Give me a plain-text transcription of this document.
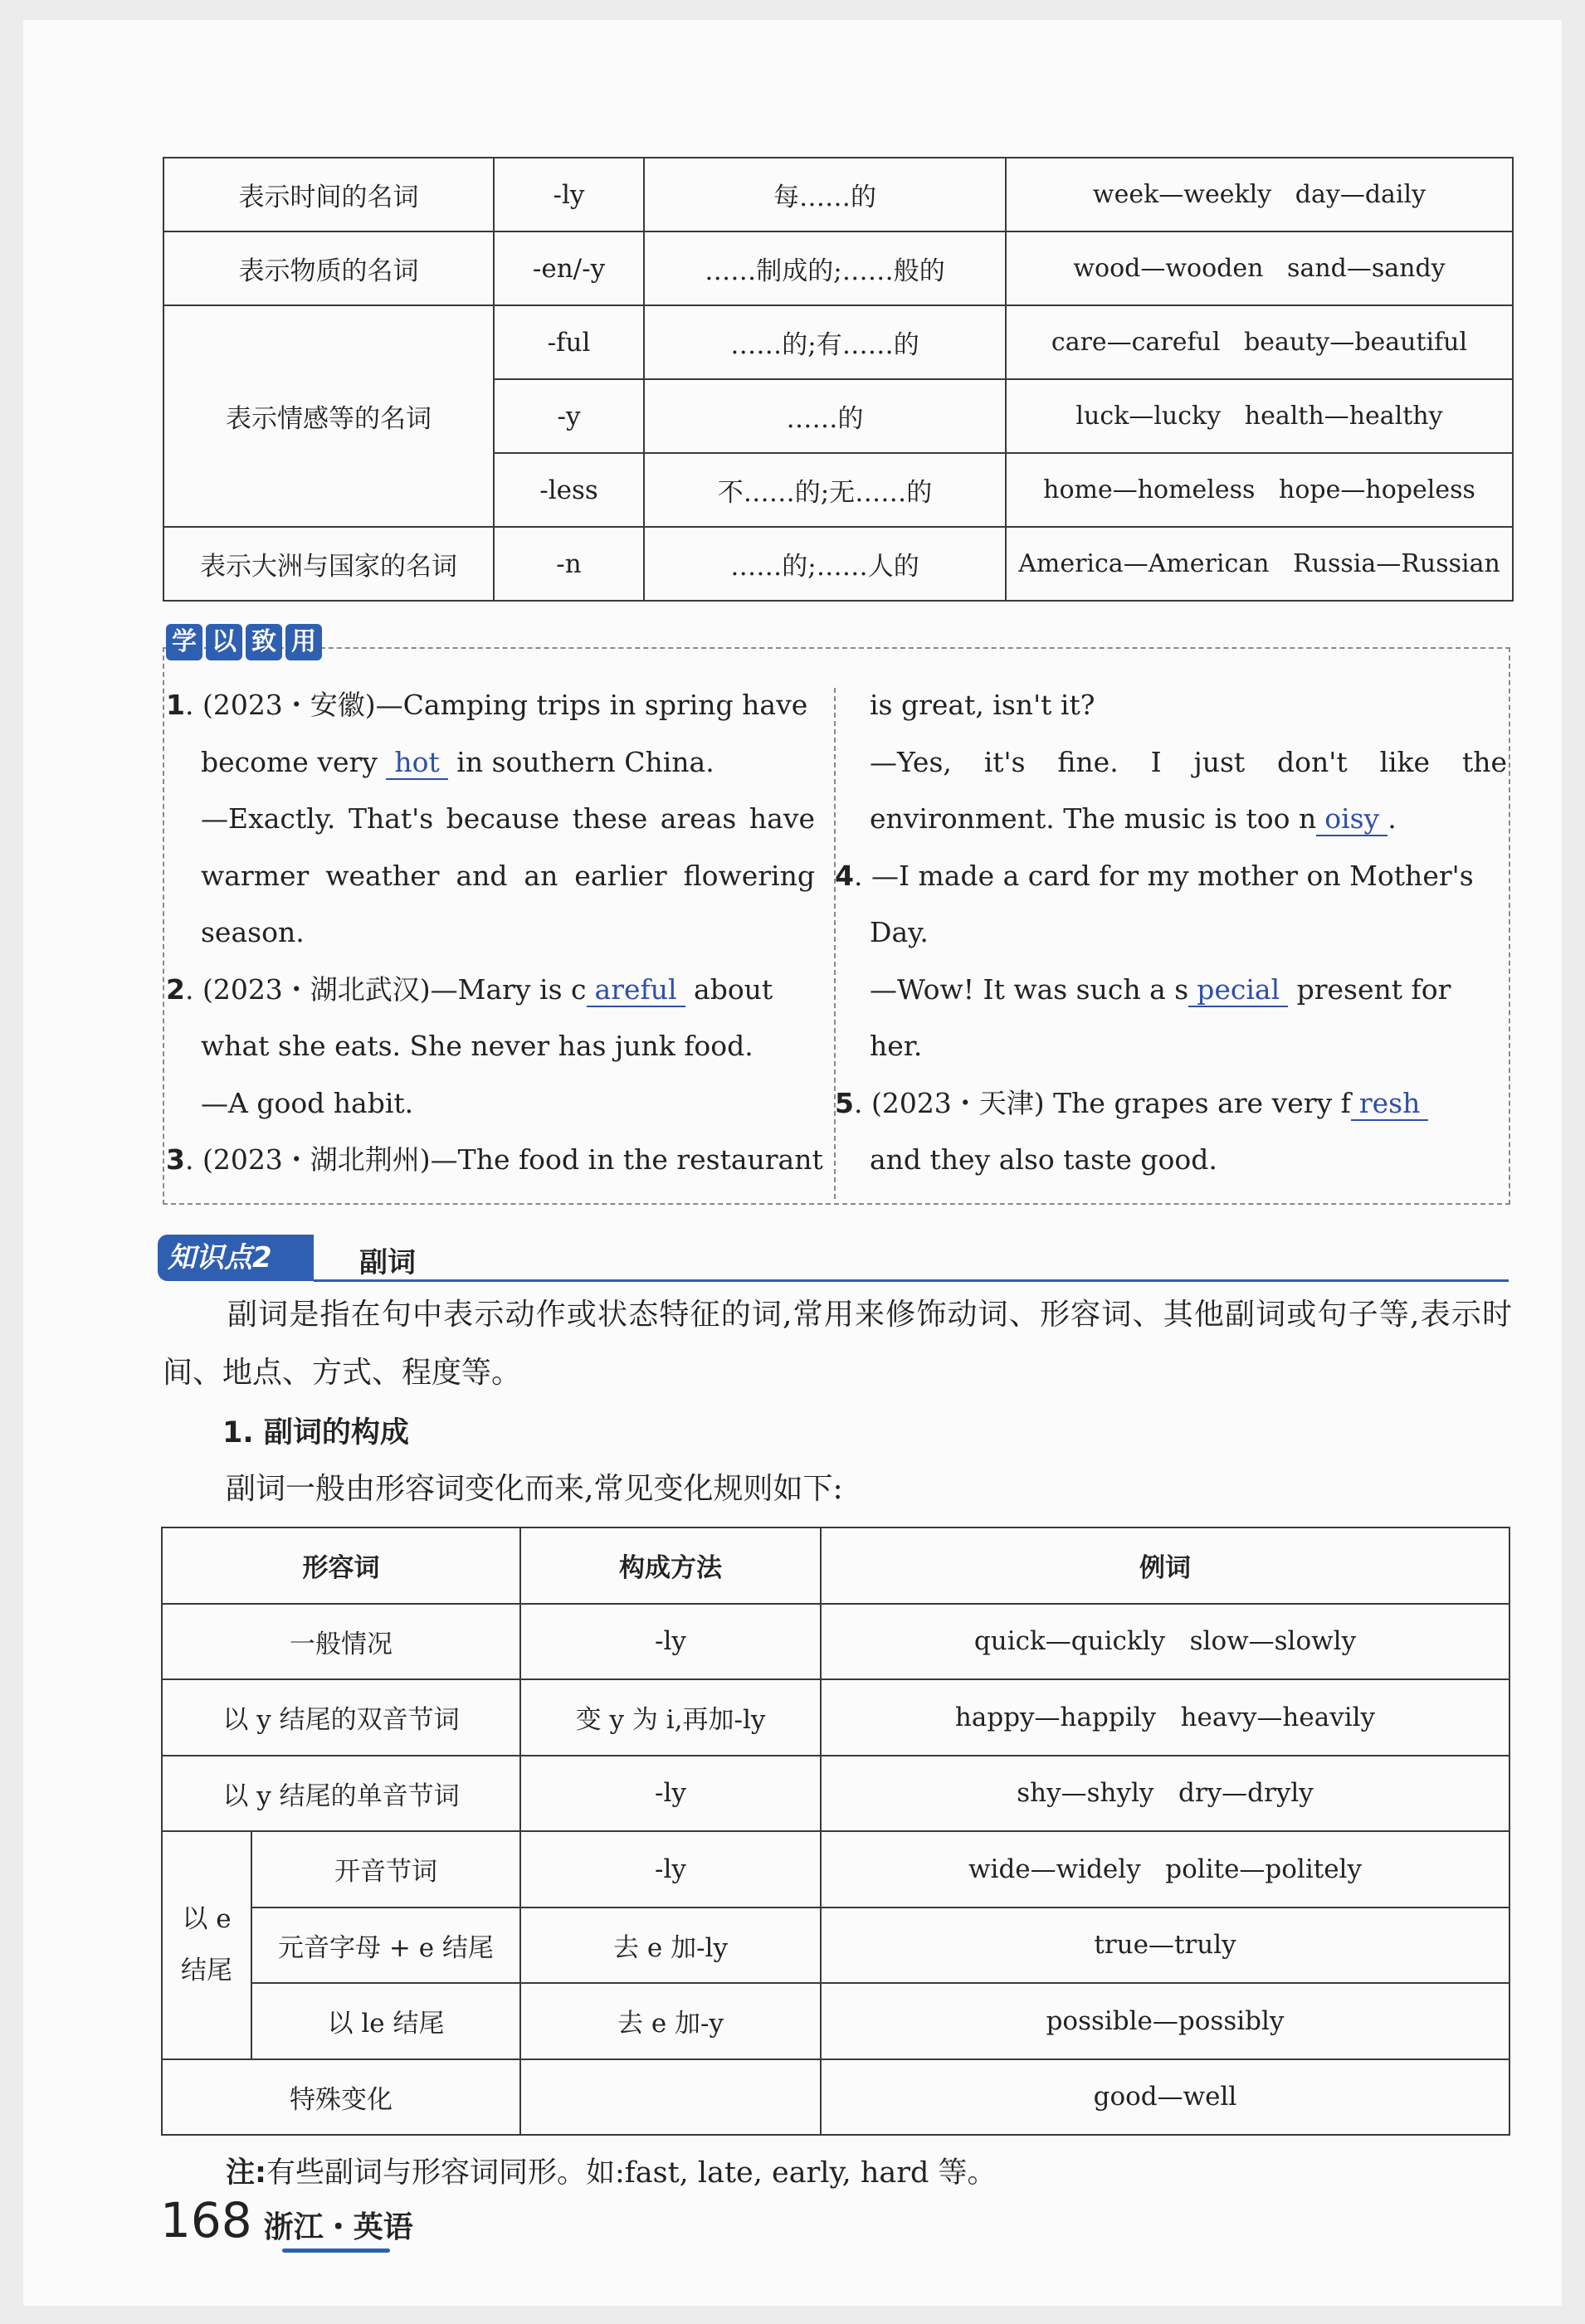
表示时间的名词	-ly	每……的	week—weekly   day—daily
表示物质的名词	-en/-y	……制成的;……般的	wood—wooden   sand—sandy
表示情感等的名词	-ful	……的;有……的	care—careful   beauty—beautiful
	-y	……的	luck—lucky   health—healthy
	-less	不……的;无……的	home—homeless   hope—hopeless
表示大洲与国家的名词	-n	……的;……人的	America—American   Russia—Russian
学 以 致 用
1. (2023・安徽)—Camping trips in spring have
become very hot in southern China.
—Exactly. That's because these areas have
warmer weather and an earlier flowering
season.
2. (2023・湖北武汉)—Mary is c areful about
what she eats. She never has junk food.
—A good habit.
3. (2023・湖北荆州)—The food in the restaurant
is great, isn't it?
—Yes, it's fine. I just don't like the
environment. The music is too n oisy .
4. —I made a card for my mother on Mother's
Day.
—Wow! It was such a s pecial present for
her.
5. (2023・天津) The grapes are very f resh
and they also taste good.
知识点2	副词
副词是指在句中表示动作或状态特征的词,常用来修饰动词、形容词、其他副词或句子等,表示时间、地点、方式、程度等。
1. 副词的构成
副词一般由形容词变化而来,常见变化规则如下:
形容词		构成方法	例词
一般情况		-ly	quick—quickly   slow—slowly
以 y 结尾的双音节词		变 y 为 i,再加-ly	happy—happily   heavy—heavily
以 y 结尾的单音节词		-ly	shy—shyly   dry—dryly

以 e
结尾	开音节词	-ly	wide—widely   polite—politely
	元音字母 + e 结尾	去 e 加-ly	true—truly
	以 le 结尾	去 e 加-y	possible—possibly
特殊变化			good—well
注:有些副词与形容词同形。如:fast, late, early, hard 等。
168 浙江・英语
